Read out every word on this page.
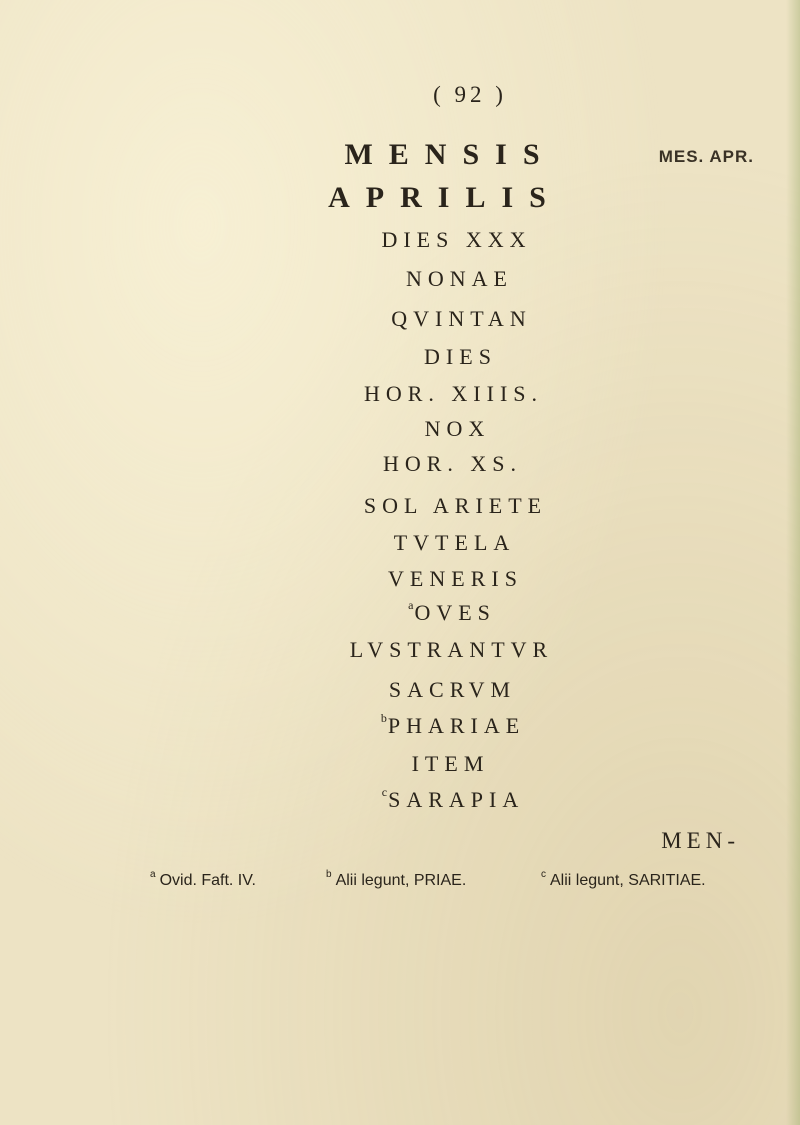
( 92 )
MES. APR.
MENSIS
APRILIS
DIES XXX
NONAE
QVINTAN
DIES
HOR. XIIIS.
NOX
HOR. XS.
SOL ARIETE
TVTELA
VENERIS
$^a$OVES
LVSTRANTVR
SACRVM
$^b$PHARIAE
ITEM
$^c$SARAPIA
MEN-
$^a$ Ovid. Faft. IV.	$^b$ Alii legunt, PRIAE.	$^c$ Alii legunt, SARITIAE.
